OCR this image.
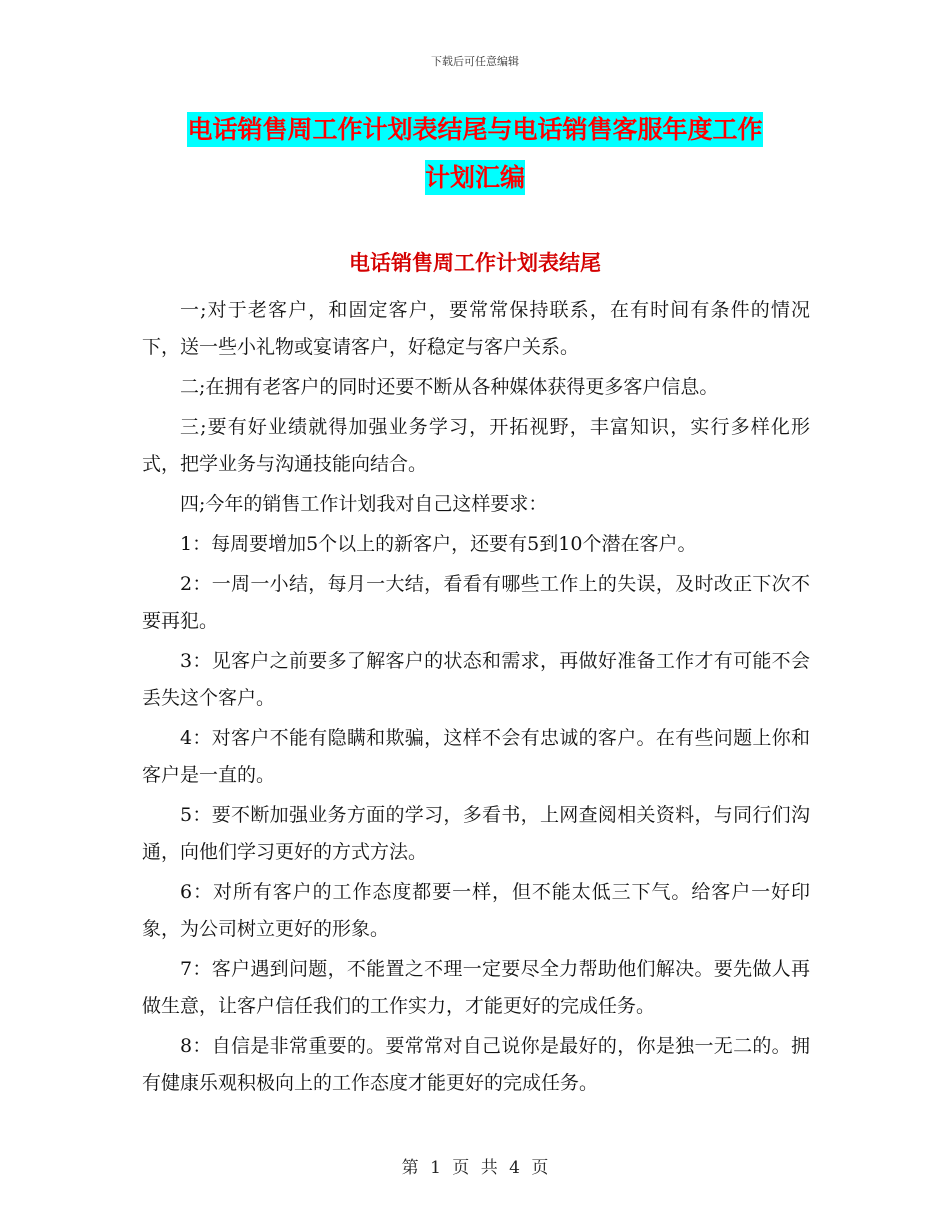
下载后可任意编辑
电话销售周工作计划表结尾与电话销售客服年度工作
计划汇编
电话销售周工作计划表结尾

一;对于老客户，和固定客户，要常常保持联系，在有时间有条件的情况下，送一些小礼物或宴请客户，好稳定与客户关系。

二;在拥有老客户的同时还要不断从各种媒体获得更多客户信息。

三;要有好业绩就得加强业务学习，开拓视野，丰富知识，实行多样化形式，把学业务与沟通技能向结合。

四;今年的销售工作计划我对自己这样要求：

1：每周要增加5个以上的新客户，还要有5到10个潜在客户。

2：一周一小结，每月一大结，看看有哪些工作上的失误，及时改正下次不要再犯。

3：见客户之前要多了解客户的状态和需求，再做好准备工作才有可能不会丢失这个客户。

4：对客户不能有隐瞒和欺骗，这样不会有忠诚的客户。在有些问题上你和客户是一直的。

5：要不断加强业务方面的学习，多看书，上网查阅相关资料，与同行们沟通，向他们学习更好的方式方法。

6：对所有客户的工作态度都要一样，但不能太低三下气。给客户一好印象，为公司树立更好的形象。

7：客户遇到问题，不能置之不理一定要尽全力帮助他们解决。要先做人再做生意，让客户信任我们的工作实力，才能更好的完成任务。

8：自信是非常重要的。要常常对自己说你是最好的，你是独一无二的。拥有健康乐观积极向上的工作态度才能更好的完成任务。

第 1 页 共 4 页
